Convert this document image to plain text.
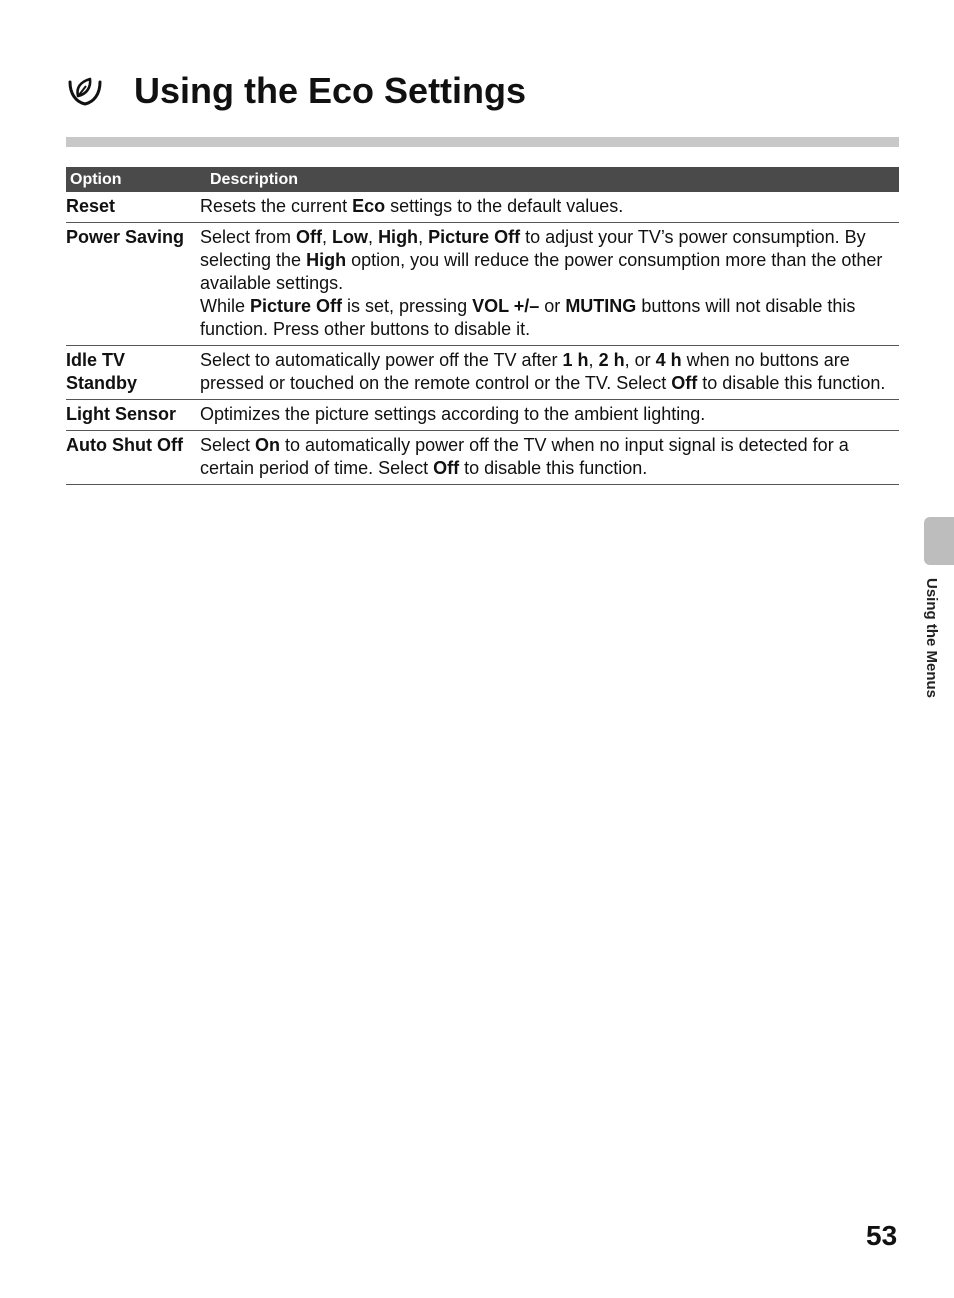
Using the Eco Settings
Option	Description
Reset	Resets the current Eco settings to the default values.

Power Saving	Select from Off, Low, High, Picture Off to adjust your TV’s power consumption. By selecting the High option, you will reduce the power consumption more than the other available settings.

While Picture Off is set, pressing VOL +/– or MUTING buttons will not disable this function. Press other buttons to disable it.

Idle TV Standby	Select to automatically power off the TV after 1 h, 2 h, or 4 h when no buttons are pressed or touched on the remote control or the TV. Select Off to disable this function.

Light Sensor	Optimizes the picture settings according to the ambient lighting.

Auto Shut Off	Select On to automatically power off the TV when no input signal is detected for a certain period of time. Select Off to disable this function.

Using the Menus
53
